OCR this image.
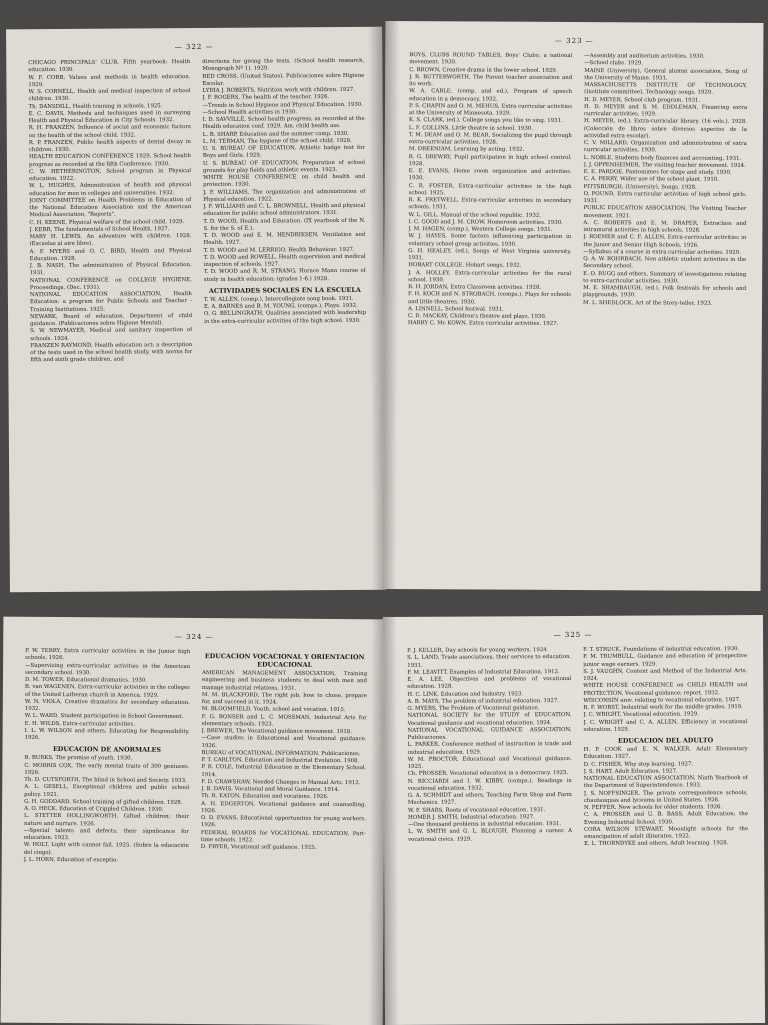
— 322 —

CHICAGO PRINCIPALS' CLUB, Fifth yearbook: Health education. 1930.

W. F. CORB, Values and methods in health education. 1929.

W. S. CORNELL, Health and medical inspection of school children. 1930.

Th. DANSDILL, Health training in schools. 1925.

E. C. DAVIS, Methods and techniques used in surveying Health and Physical Education in City Schools. 1932.

R. H. FRANZEN, Influence of social and economic factors on the health of the school child. 1932.

R. P. FRANZEN, Public health aspects of dental decay in children. 1930.

HEALTH EDUCATION CONFERENCE 1929, School health progress as recorded at the fifth Conference. 1930.

C. W. HETHERINGTON, School program in Physical education. 1922.

W. L. HUGHES, Administration of health and physical education for men in colleges and universities. 1932.

JOINT COMMITTEE on Health Problems in Education of the National Education Association and the American Medical Association, "Reports".

C. H. KEENE, Physical welfare of the school child. 1929.

J. KERR, The fundamentals of School Health. 1927.

MARY H. LEWIS, An adventure with children. 1928. (Escuelas al aire libre).

A. F. MYERS and O. C. BIRD, Health and Physical Education. 1928.

J. B. NASH, The administration of Physical Education. 1931.

NATIONAL CONFERENCE on COLLEGE HYGIENE, Proceedings. (Dec. 1931).

NATIONAL EDUCATION ASSOCIATION, Health Education: a program for Public Schools and Teacher - Training Institutions. 1925.

NEWARK, Board of education. Department of child guidance. (Publicaciones sobre Higiene Mental).

S. W. NEWMAYER, Medical and sanitary inspection of schools. 1924.

FRANZEN RAYMOND, Health education act; a description of the tests used in the school health study, with norms for fifth and sixth grade children, and

directions for giving the tests. (School health research, Monograph Nº 1). 1929.

RED CROSS, (United States), Publicaciones sobre Higiene Escolar.

LYDIA J. ROBERTS, Nutrition work with children. 1927.

J. F. ROGERS, The health of the teacher. 1926.

—Trends in School Hygiene and Physical Education. 1930.

—School Health activities in 1930.

I. D. SAVVILLE, School health progress, as recorded at the Health education conf. 1929, Am. child health ass.

L. B. SHARP, Education and the summer camp. 1930.

L. M. TERMAN, The hygiene of the school child. 1928.

U. S. BUREAU OF EDUCATION, Athletic badge test for Boys and Girls. 1929.

U. S. BUREAU OF EDUCATION, Preparation of school grounds for play fields and athletic events. 1923.

WHITE HOUSE CONFERENCE on child health and protection. 1930.

J. F. WILLIAMS, The organization and administration of Physical education. 1922.

J. F. WILLIAMS and C. L. BROWNELL, Health and physical education for public school administrators. 1931.

T. D. WOOD, Health and Education. (IX yearbook of the N. S. for the S. of E.).

T. D. WOOD and E. M. HENDRIKSEN, Ventilation and Health. 1927.

T. D. WOOD and M. LERRIGO, Health Behaviour. 1927.

T. D. WOOD and ROWELL, Health supervision and medical inspection of schools. 1927.

T. D. WOOD and R. M. STRANG, Horace Mann course of study in health education; (grados 1-6.) 1928.

ACTIVIDADES SOCIALES EN LA ESCUELA

T. W. ALLEN, (comp.), Intercollegiate song book. 1931.

E. A. BARNES and B. M. YOUNG, (comps.), Plays. 1932.

O. G. BELLINGRATH, Qualities associated with leadership in the extra-curricular activities of the high school. 1930.

— 323 —

BOYS, CLUBS ROUND TABLES, Boys' Clubs; a national movement. 1930.

C. BROWN, Creative drama in the lower school. 1929.

J. R. BUTTERWORTH, The Parent teacher association and its work.

W. A. CABLE, (comp. and ed.), Program of speech education in a democracy. 1932.

P. S. CHAPIN and O. M. MEHUS, Extra curricular activities at the University of Minnesota. 1929.

K. S. CLARK, (ed.), College songs you like to sing. 1931.

L. F. COLLINS, Little theatre in school. 1930.

T. M. DEAM and O. M. BEAR, Socializing the pupil through extra-curricular activities. 1928.

M. DREENIAM, Learning by acting. 1932.

R. G. DREWRY, Pupil participation in high school control. 1928.

E. E. EVANS, Home room organization and activities. 1930.

C. R. FOSTER, Extra-curricular activities in the high school. 1925.

R. K. FRETWELL, Extra-curricular activities in secondary schools. 1931.

W. L. GILL, Manual of the school republic. 1932.

I. C. GOOD and J. M. CROW, Homeroom activities. 1930.

J. M. HAGEN, (comp.), Western College songs. 1931.

W. J. HAYES, Some factors influencing participation in voluntary school group activities. 1930.

G. H. HEALEY, (ed.), Songs of West Virginia university. 1931.

HOBART COLLEGE, Hobart songs. 1932.

J. A. HOLLEY, Extra-curricular activities for the rural school. 1930.

R. H. JORDAN, Extra Classroom activities. 1928.

F. H. KOCH and N. STROBACH, (comps.), Plays for schools and little theatres. 1930.

A. LINNELL, School festival. 1931.

C. D. MACKAY, Children's theatre and plays. 1930.

HARRY C. Mc KOWN, Extra curricular activities. 1927.

—Assembly and auditorium activities. 1930.

—School clubs. 1929.

MAINE (University), General alumni association, Song of the University of Maine. 1931.

MASSACHUSETTS INSTITUTE OF TECHNOLOGY, (Institute committee), Technology songs. 1929.

H. D. MEYER, School club program. 1931.

H. D. MEYER and S. M. EDDLEMAN, Financing extra curricular activities. 1929.

H. MEYER, (ed.), Extra-curricular library. (16 vols.). 1928. (Colección de libros sobre diversos aspectos de la actividad extra escolar).

C. V. MILLARD, Organization and administration of extra curricular activities. 1930.

L. NOBLE, Students body finances and accounting. 1931.

J. J. OPPENHEIMER, The visiting teacher movement. 1924.

E. E. PARDOE, Pantomimes for stage and study. 1930.

C. A. PERRY, Wider use of the school plant. 1910.

PITTSBURGH, (University), Songs. 1928.

O. POUND, Extra curricular activities of high school girls. 1931.

PUBLIC EDUCATION ASSOCIATION, The Visiting Teacher movement. 1921.

A. C. ROBERTS and E. M. DRAPER, Extraclass and intramural activities in high schools. 1928.

J. ROEMER and C. F. ALLEN, Extra-curricular activities in the Junior and Senior High Schools. 1926.

—Syllabus of a course in extra curricular activities. 1929.

Q. A. W. ROHRBACH, Non athletic student activities in the Secondary school.

E. O. RUGG and others, Summary of investigations relating to extra-curricular activities. 1930.

M. E. SHAMBAUGH, (ed.), Folk festivals for schools and playgrounds. 1930.

M. L. SHEDLOCK, Art of the Story-teller. 1923.

— 324 —

P. W. TERRY, Extra curricular activities in the Junior high schools. 1926.

—Supervising extra-curricular activities in the American secondary school. 1930.

D. M. TOWER, Educational dramatics. 1930.

B. van WAGENEN, Extra-curricular activities in the colleges of the United Lutheran church in America. 1929.

W. N. VIOLA, Creative dramatics for secondary education. 1932.

W. L. WARD, Student participation in School Government.

E. H. WILDS, Extra-curricular activities.

I. L. W. WILSON and others, Educating for Responsibility. 1926.

EDUCACION DE ANORMALES

B. BURKS, The promise of youth. 1930.

C. MORRIS COX, The early mental traits of 300 geniuses. 1926.

Th. D. CUTSFORTH, The blind in School and Society. 1933.

A. L. GESELL, Exceptional children and public school policy. 1921.

G. H. GODDARD, School training of gifted children. 1928.

A. O. HECK, Education of Crippled Children. 1930.

L. STETTER HOLLINGWORTH, Gifted children; their nature and nurture. 1926.

—Special talents and defects; their significance for education. 1923.

W. HOLT, Light with cannot fail. 1925. (Sobre la educación del ciego).

J. L. HORN, Education of exceptio-

EDUCACION VOCACIONAL Y ORIENTACION EDUCACIONAL

AMERICAN MANAGEMENT ASSOCIATION, Training engineering and business students to deal with men and manage industrial relations. 1931.

M. M. BLACKFORD, The right job, how to chose, prepare for, and succeed in it. 1924.

M. BLOOMFIELD, Youth, school and vocation. 1915.

F. G. BONSER and L. C. MOSSMAN, Industrial Arts for elementary schools. 1923.

J. BREWER, The Vocational guidance movement. 1918.

—Case studies in Educational and Vocational guidance. 1926.

BUREAU of VOCATIONAL INFORMATION. Publicaciones.

P. T. CARLTON, Education and Industrial Evolution. 1908.

P. R. COLE, Industrial Education in the Elementary School. 1914.

F. D. CRAWSHAW, Needed Changes in Manual Arts. 1912.

J. B. DAVIS, Vocational and Moral Guidance. 1914.

Th. R. EATON, Education and vocations. 1926.

A. H. EDGERTON, Vocational guidance and counselling. 1926.

O. D. EVANS, Educational opportunities for young workers. 1926.

FEDERAL BOARDS for VOCATIONAL EDUCATION, Part-time schools. 1922.

D. FRYER, Vocational self guidance. 1925.

— 325 —

F. J. KELLER, Day schools for young workers. 1924.

S. L. LAND, Trade associations, their services to education. 1931.

F. M. LEAVITT, Examples of Industrial Education. 1912.

E. A. LEE, Objectives and problems of vocational education. 1928.

H. C. LINK, Education and Industry. 1923.

A. B. MAYS, The problem of industrial education. 1927.

G. MYERS, The Problem of Vocational guidance.

NATIONAL SOCIETY for the STUDY of EDUCATION, Vocational guidance and vocational education. 1924.

NATIONAL VOCATIONAL GUIDANCE ASSOCIATION, Publicaciones.

L. PARKER, Conference method of instruction in trade and industrial education. 1929.

W. M. PROCTOR, Educational and Vocational guidance. 1925.

Ch. PROSSER, Vocational education in a democracy. 1925.

N. RICCIARDI and I. W. KIBBY, (comps.), Readings in vocational education. 1932.

G. A. SCHMIDT and others, Teaching Farm Shop and Farm Mechanics. 1927.

W. F. SHARS, Roots of vocational education. 1931.

HOMER J. SMITH, Industrial education. 1927.

—One thousand problems in industrial education. 1931.

L. W. SMITH and G. L. BLOUGH, Planning a career. A vocational civics. 1929.

F. T. STRUCK, Foundations of industrial education. 1930.

F. M. TRUMBULL, Guidance and education of prospective junior wage earners. 1929.

S. J. VAUGHN, Content and Method of the Industrial Arts. 1924.

WHITE HOUSE CONFERENCE on CHILD HEALTH and PROTECTION, Vocational guidance; report. 1932.

WISCONSIN univ. relating to vocational education. 1927.

R. F. WORST, Industrial work for the middle grades. 1919.

J. C. WRIGHT, Vocational education. 1929.

J. C. WRIGHT and C. A. ALLEN, Efficiency in vocational education. 1929.

EDUCACION DEL ADULTO

H. P. COOK and E. N. WALKER, Adult Elementary Education. 1927.

D. C. FISHER, Why stop learning. 1927.

J. S. HART, Adult Education. 1927.

NATIONAL EDUCATION ASSOCIATION, Ninth Yearbook of the Department of Superintendence. 1933.

J. S. NOFFSINGER, The private correspondence schools, chautauquas and lyceums in United States. 1926.

N. PEFFER, New schools for older students. 1926.

C. A. PROSSER and U. B. BASS, Adult Education; the Evening Industrial School. 1930.

CORA WILSON STEWART, Moonlight schools for the emancipation of adult illiterates. 1922.

E. L. THORNDYKE and others, Adult learning. 1928.
